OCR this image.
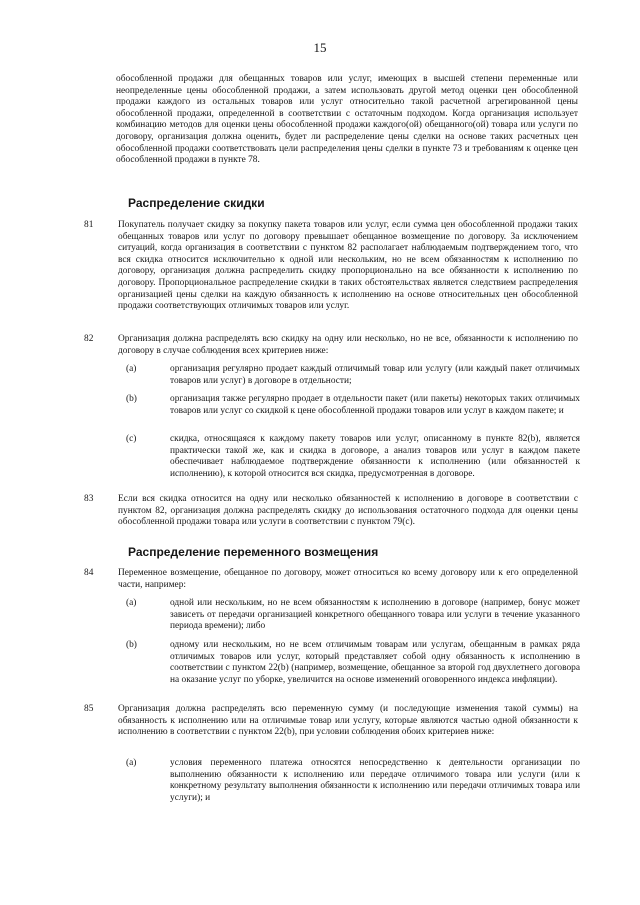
15

обособленной продажи для обещанных товаров или услуг, имеющих в высшей степени переменные или неопределенные цены обособленной продажи, а затем использовать другой метод оценки цен обособленной продажи каждого из остальных товаров или услуг относительно такой расчетной агрегированной цены обособленной продажи, определенной в соответствии с остаточным подходом. Когда организация использует комбинацию методов для оценки цены обособленной продажи каждого(ой) обещанного(ой) товара или услуги по договору, организация должна оценить, будет ли распределение цены сделки на основе таких расчетных цен обособленной продажи соответствовать цели распределения цены сделки в пункте 73 и требованиям к оценке цен обособленной продажи в пункте 78.

Распределение скидки
81	Покупатель получает скидку за покупку пакета товаров или услуг, если сумма цен обособленной продажи таких обещанных товаров или услуг по договору превышает обещанное возмещение по договору. За исключением ситуаций, когда организация в соответствии с пунктом 82 располагает наблюдаемым подтверждением того, что вся скидка относится исключительно к одной или нескольким, но не всем обязанностям к исполнению по договору, организация должна распределить скидку пропорционально на все обязанности к исполнению по договору. Пропорциональное распределение скидки в таких обстоятельствах является следствием распределения организацией цены сделки на каждую обязанность к исполнению на основе относительных цен обособленной продажи соответствующих отличимых товаров или услуг.

82	Организация должна распределять всю скидку на одну или несколько, но не все, обязанности к исполнению по договору в случае соблюдения всех критериев ниже:

(a)	организация регулярно продает каждый отличимый товар или услугу (или каждый пакет отличимых товаров или услуг) в договоре в отдельности;

(b)	организация также регулярно продает в отдельности пакет (или пакеты) некоторых таких отличимых товаров или услуг со скидкой к цене обособленной продажи товаров или услуг в каждом пакете; и

(c)	скидка, относящаяся к каждому пакету товаров или услуг, описанному в пункте 82(b), является практически такой же, как и скидка в договоре, а анализ товаров или услуг в каждом пакете обеспечивает наблюдаемое подтверждение обязанности к исполнению (или обязанностей к исполнению), к которой относится вся скидка, предусмотренная в договоре.

83	Если вся скидка относится на одну или несколько обязанностей к исполнению в договоре в соответствии с пунктом 82, организация должна распределять скидку до использования остаточного подхода для оценки цены обособленной продажи товара или услуги в соответствии с пунктом 79(с).

Распределение переменного возмещения
84	Переменное возмещение, обещанное по договору, может относиться ко всему договору или к его определенной части, например:

(a)	одной или нескольким, но не всем обязанностям к исполнению в договоре (например, бонус может зависеть от передачи организацией конкретного обещанного товара или услуги в течение указанного периода времени); либо

(b)	одному или нескольким, но не всем отличимым товарам или услугам, обещанным в рамках ряда отличимых товаров или услуг, который представляет собой одну обязанность к исполнению в соответствии с пунктом 22(b) (например, возмещение, обещанное за второй год двухлетнего договора на оказание услуг по уборке, увеличится на основе изменений оговоренного индекса инфляции).

85	Организация должна распределять всю переменную сумму (и последующие изменения такой суммы) на обязанность к исполнению или на отличимые товар или услугу, которые являются частью одной обязанности к исполнению в соответствии с пунктом 22(b), при условии соблюдения обоих критериев ниже:

(a)	условия переменного платежа относятся непосредственно к деятельности организации по выполнению обязанности к исполнению или передаче отличимого товара или услуги (или к конкретному результату выполнения обязанности к исполнению или передачи отличимых товара или услуги); и
